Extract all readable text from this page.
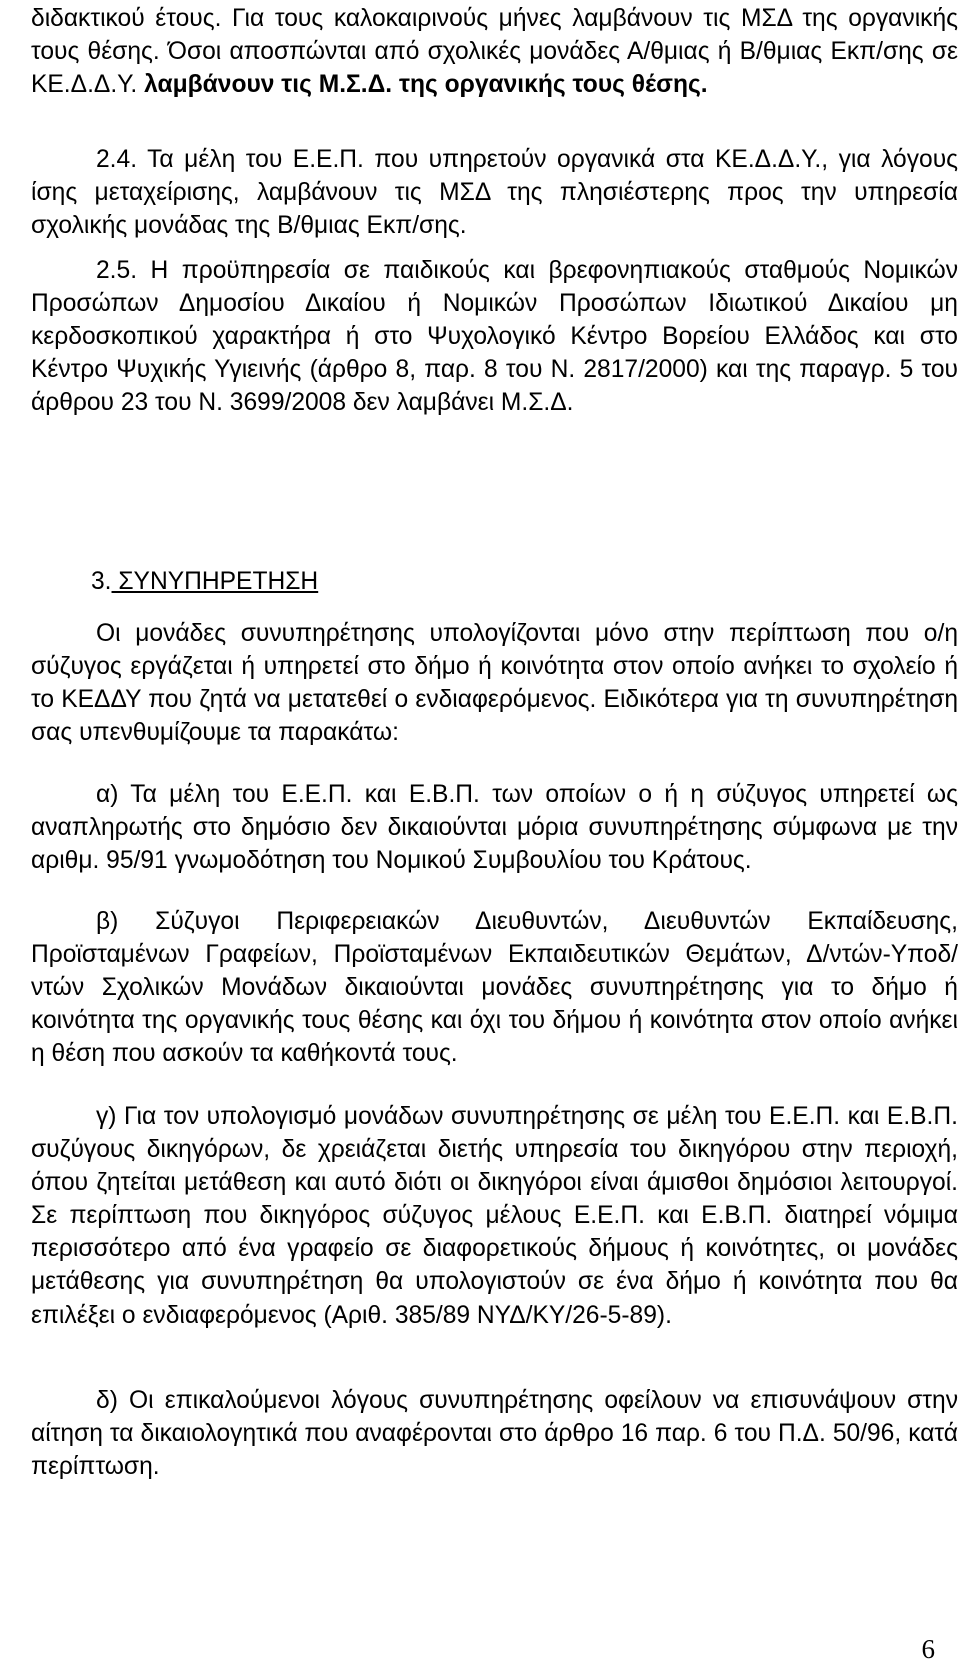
διδακτικού έτους. Για τους καλοκαιρινούς μήνες λαμβάνουν τις ΜΣΔ της οργανικής τους θέσης. Όσοι αποσπώνται από σχολικές μονάδες Α/θμιας ή Β/θμιας Εκπ/σης σε ΚΕ.Δ.Δ.Υ. λαμβάνουν τις Μ.Σ.Δ. της οργανικής τους θέσης.

2.4. Τα μέλη του Ε.Ε.Π. που υπηρετούν οργανικά στα ΚΕ.Δ.Δ.Υ., για λόγους ίσης μεταχείρισης, λαμβάνουν τις ΜΣΔ της πλησιέστερης προς την υπηρεσία σχολικής μονάδας της Β/θμιας Εκπ/σης.

2.5. Η προϋπηρεσία σε παιδικούς και βρεφονηπιακούς σταθμούς Νομικών Προσώπων Δημοσίου Δικαίου ή Νομικών Προσώπων Ιδιωτικού Δικαίου μη κερδοσκοπικού χαρακτήρα ή στο Ψυχολογικό Κέντρο Βορείου Ελλάδος και στο Κέντρο Ψυχικής Υγιεινής (άρθρο 8, παρ. 8 του Ν. 2817/2000) και της παραγρ. 5 του άρθρου 23 του Ν. 3699/2008 δεν λαμβάνει Μ.Σ.Δ.

3. ΣΥΝΥΠΗΡΕΤΗΣΗ

Οι μονάδες συνυπηρέτησης υπολογίζονται μόνο στην περίπτωση που ο/η σύζυγος εργάζεται ή υπηρετεί στο δήμο ή κοινότητα στον οποίο ανήκει το σχολείο ή το ΚΕΔΔΥ που ζητά να μετατεθεί ο ενδιαφερόμενος. Ειδικότερα για τη συνυπηρέτηση σας υπενθυμίζουμε τα παρακάτω:

α) Τα μέλη του Ε.Ε.Π. και Ε.Β.Π. των οποίων ο ή η σύζυγος υπηρετεί ως αναπληρωτής στο δημόσιο δεν δικαιούνται μόρια συνυπηρέτησης σύμφωνα με την αριθμ. 95/91 γνωμοδότηση του Νομικού Συμβουλίου του Κράτους.

β) Σύζυγοι Περιφερειακών Διευθυντών, Διευθυντών Εκπαίδευσης, Προϊσταμένων Γραφείων, Προϊσταμένων Εκπαιδευτικών Θεμάτων, Δ/ντών-Υποδ/ντών Σχολικών Μονάδων δικαιούνται μονάδες συνυπηρέτησης για το δήμο ή κοινότητα της οργανικής τους θέσης και όχι του δήμου ή κοινότητα στον οποίο ανήκει η θέση που ασκούν τα καθήκοντά τους.

γ) Για τον υπολογισμό μονάδων συνυπηρέτησης σε μέλη του Ε.Ε.Π. και Ε.Β.Π. συζύγους δικηγόρων, δε χρειάζεται διετής υπηρεσία του δικηγόρου στην περιοχή, όπου ζητείται μετάθεση και αυτό διότι οι δικηγόροι είναι άμισθοι δημόσιοι λειτουργοί. Σε περίπτωση που δικηγόρος σύζυγος μέλους Ε.Ε.Π. και Ε.Β.Π. διατηρεί νόμιμα περισσότερο από ένα γραφείο σε διαφορετικούς δήμους ή κοινότητες, οι μονάδες μετάθεσης για συνυπηρέτηση θα υπολογιστούν σε ένα δήμο ή κοινότητα που θα επιλέξει ο ενδιαφερόμενος (Αριθ. 385/89 ΝΥΔ/ΚΥ/26-5-89).

δ) Οι επικαλούμενοι λόγους συνυπηρέτησης οφείλουν να επισυνάψουν στην αίτηση τα δικαιολογητικά που αναφέρονται στο άρθρο 16 παρ. 6 του Π.Δ. 50/96, κατά περίπτωση.

6
